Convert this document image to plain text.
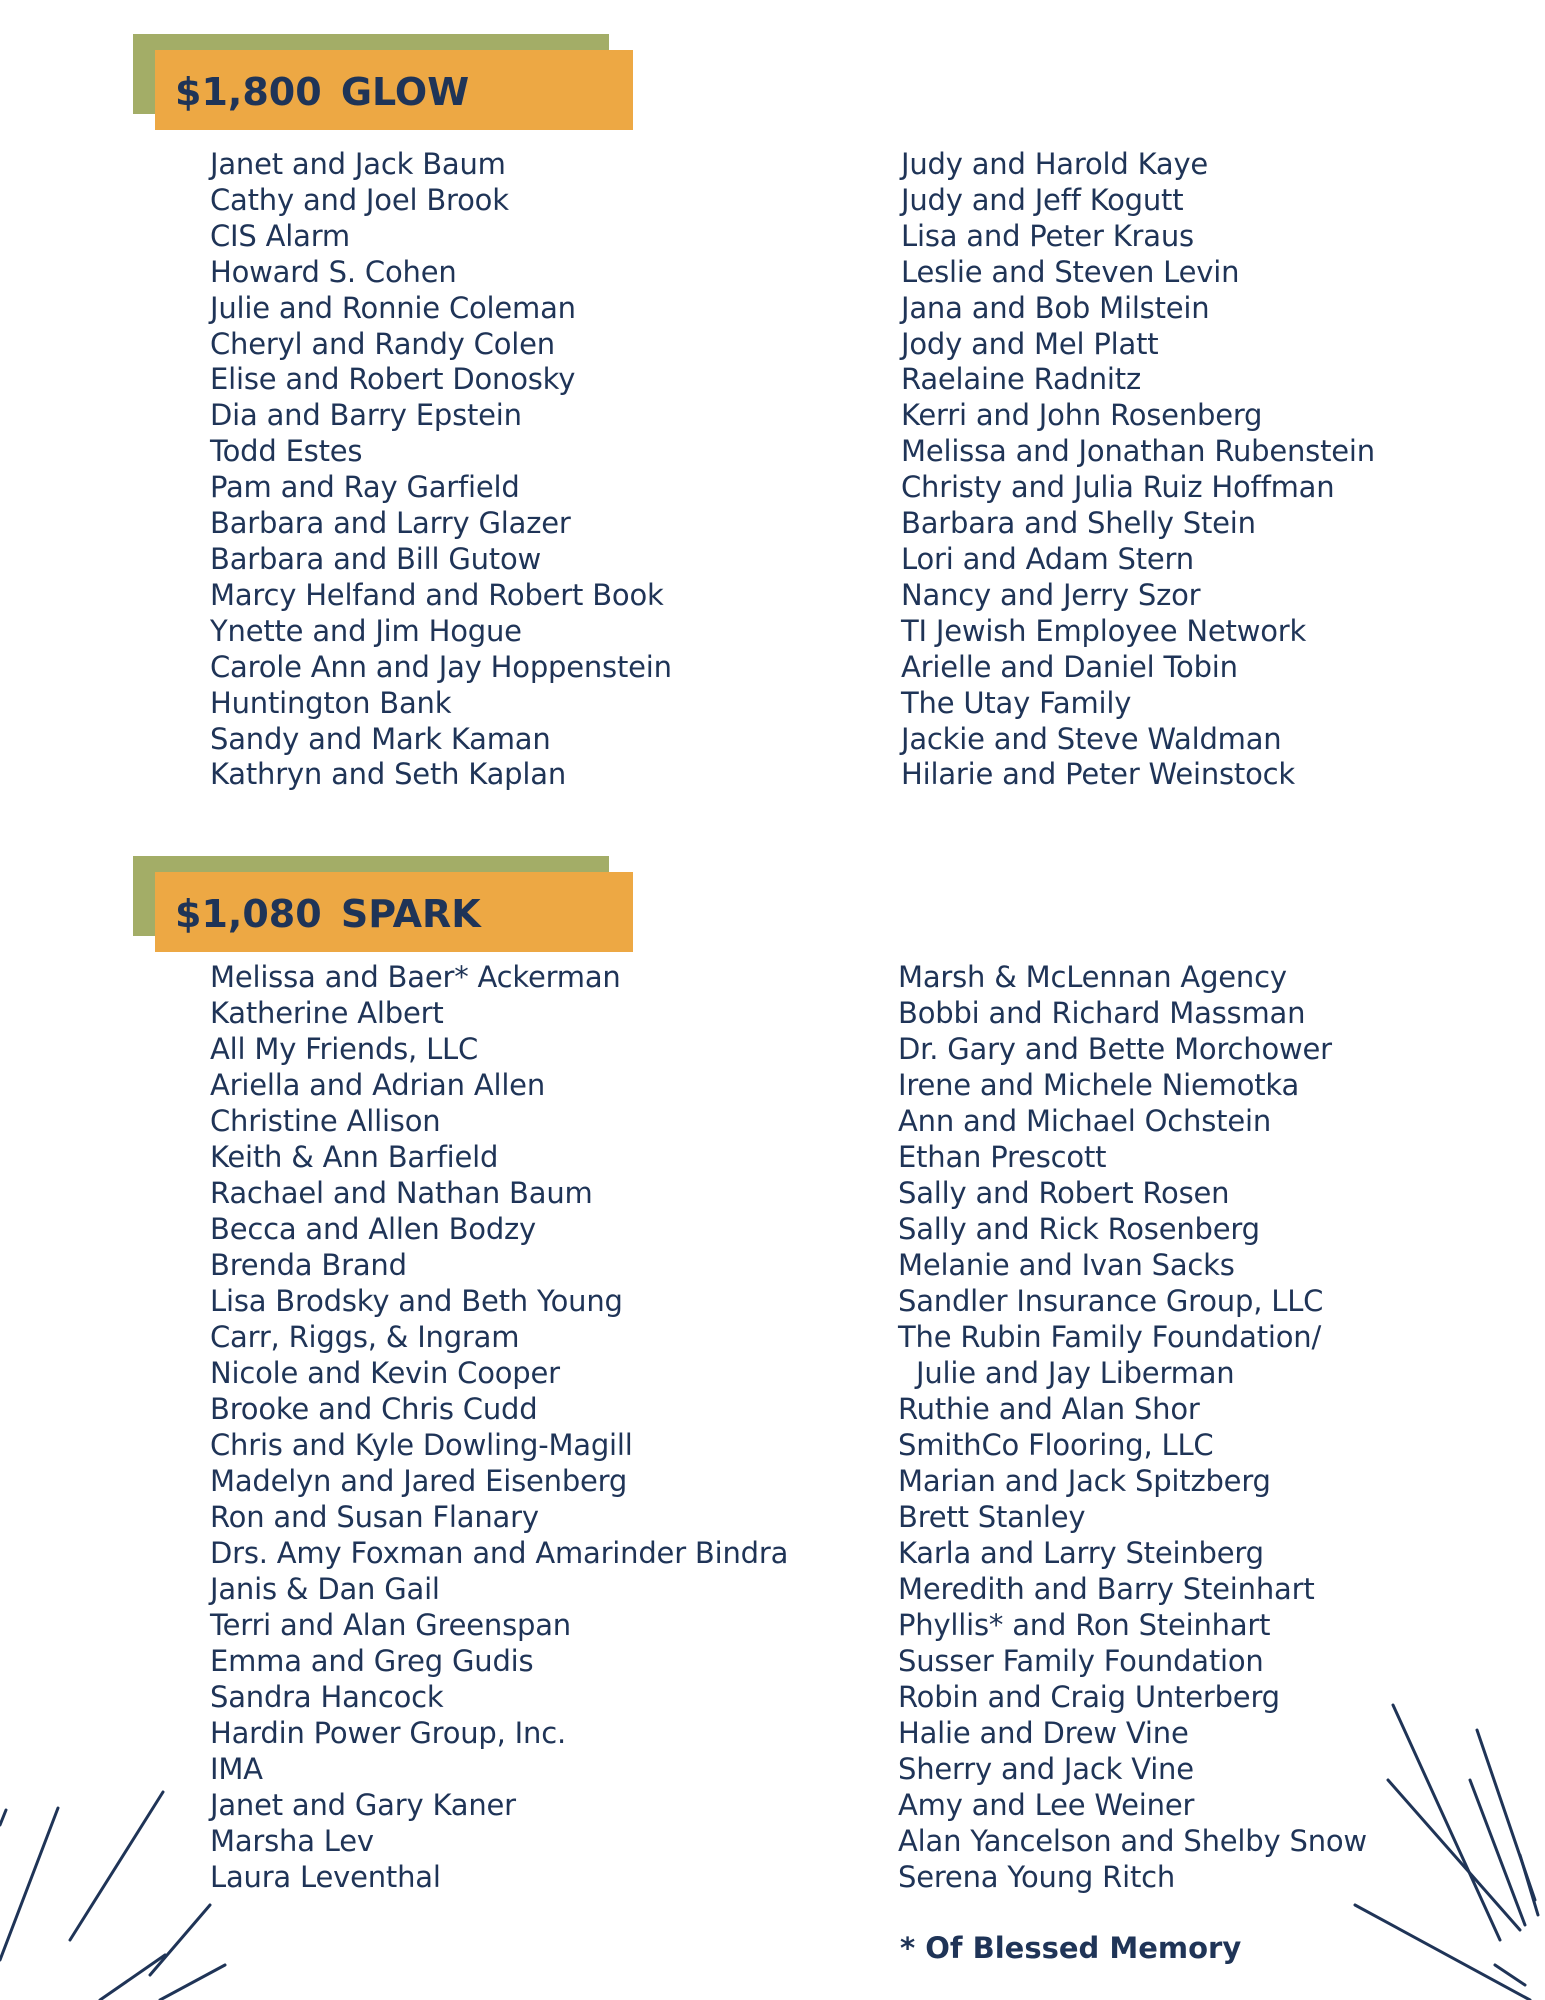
$1,800 GLOW
Janet and Jack Baum
Cathy and Joel Brook
CIS Alarm
Howard S. Cohen
Julie and Ronnie Coleman
Cheryl and Randy Colen
Elise and Robert Donosky
Dia and Barry Epstein
Todd Estes
Pam and Ray Garfield
Barbara and Larry Glazer
Barbara and Bill Gutow
Marcy Helfand and Robert Book
Ynette and Jim Hogue
Carole Ann and Jay Hoppenstein
Huntington Bank
Sandy and Mark Kaman
Kathryn and Seth Kaplan
Judy and Harold Kaye
Judy and Jeff Kogutt
Lisa and Peter Kraus
Leslie and Steven Levin
Jana and Bob Milstein
Jody and Mel Platt
Raelaine Radnitz
Kerri and John Rosenberg
Melissa and Jonathan Rubenstein
Christy and Julia Ruiz Hoffman
Barbara and Shelly Stein
Lori and Adam Stern
Nancy and Jerry Szor
TI Jewish Employee Network
Arielle and Daniel Tobin
The Utay Family
Jackie and Steve Waldman
Hilarie and Peter Weinstock
$1,080 SPARK
Melissa and Baer* Ackerman
Katherine Albert
All My Friends, LLC
Ariella and Adrian Allen
Christine Allison
Keith & Ann Barfield
Rachael and Nathan Baum
Becca and Allen Bodzy
Brenda Brand
Lisa Brodsky and Beth Young
Carr, Riggs, & Ingram
Nicole and Kevin Cooper
Brooke and Chris Cudd
Chris and Kyle Dowling-Magill
Madelyn and Jared Eisenberg
Ron and Susan Flanary
Drs. Amy Foxman and Amarinder Bindra
Janis & Dan Gail
Terri and Alan Greenspan
Emma and Greg Gudis
Sandra Hancock
Hardin Power Group, Inc.
IMA
Janet and Gary Kaner
Marsha Lev
Laura Leventhal
Marsh & McLennan Agency
Bobbi and Richard Massman
Dr. Gary and Bette Morchower
Irene and Michele Niemotka
Ann and Michael Ochstein
Ethan Prescott
Sally and Robert Rosen
Sally and Rick Rosenberg
Melanie and Ivan Sacks
Sandler Insurance Group, LLC
The Rubin Family Foundation/
Julie and Jay Liberman
Ruthie and Alan Shor
SmithCo Flooring, LLC
Marian and Jack Spitzberg
Brett Stanley
Karla and Larry Steinberg
Meredith and Barry Steinhart
Phyllis* and Ron Steinhart
Susser Family Foundation
Robin and Craig Unterberg
Halie and Drew Vine
Sherry and Jack Vine
Amy and Lee Weiner
Alan Yancelson and Shelby Snow
Serena Young Ritch
* Of Blessed Memory
